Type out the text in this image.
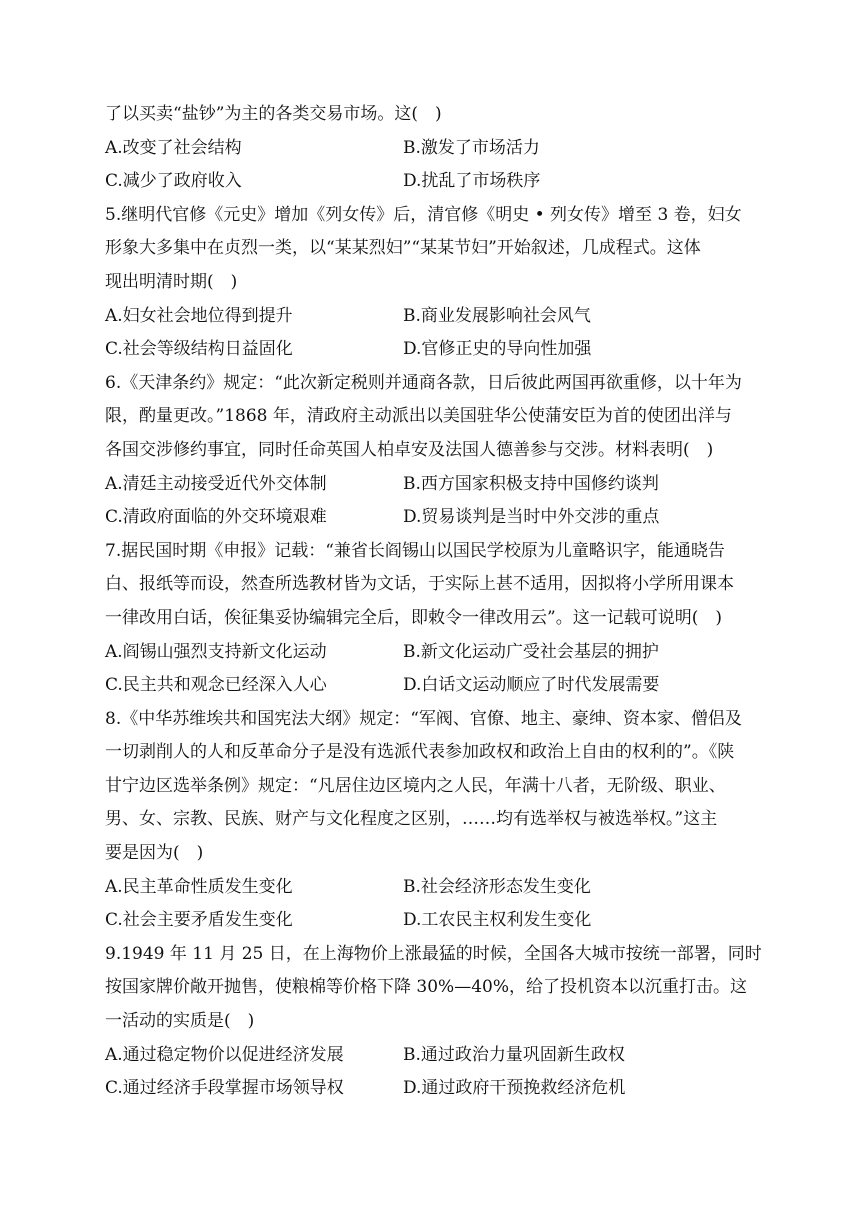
了以买卖“盐钞”为主的各类交易市场。这(　)
A.改变了社会结构	B.激发了市场活力
C.减少了政府收入	D.扰乱了市场秩序
5.继明代官修《元史》增加《列女传》后，清官修《明史 • 列女传》增至 3 卷，妇女
形象大多集中在贞烈一类，以“某某烈妇”“某某节妇”开始叙述，几成程式。这体
现出明清时期(　)
A.妇女社会地位得到提升	B.商业发展影响社会风气
C.社会等级结构日益固化	D.官修正史的导向性加强
6.《天津条约》规定：“此次新定税则并通商各款，日后彼此两国再欲重修，以十年为
限，酌量更改。”1868 年，清政府主动派出以美国驻华公使蒲安臣为首的使团出洋与
各国交涉修约事宜，同时任命英国人柏卓安及法国人德善参与交涉。材料表明(　)
A.清廷主动接受近代外交体制	B.西方国家积极支持中国修约谈判
C.清政府面临的外交环境艰难	D.贸易谈判是当时中外交涉的重点
7.据民国时期《申报》记载：“兼省长阎锡山以国民学校原为儿童略识字，能通晓告
白、报纸等而设，然查所选教材皆为文话，于实际上甚不适用，因拟将小学所用课本
一律改用白话，俟征集妥协编辑完全后，即敕令一律改用云”。这一记载可说明(　)
A.阎锡山强烈支持新文化运动	B.新文化运动广受社会基层的拥护
C.民主共和观念已经深入人心	D.白话文运动顺应了时代发展需要
8.《中华苏维埃共和国宪法大纲》规定：“军阀、官僚、地主、豪绅、资本家、僧侣及
一切剥削人的人和反革命分子是没有选派代表参加政权和政治上自由的权利的”。《陕
甘宁边区选举条例》规定：“凡居住边区境内之人民，年满十八者，无阶级、职业、
男、女、宗教、民族、财产与文化程度之区别，……均有选举权与被选举权。”这主
要是因为(　)
A.民主革命性质发生变化	B.社会经济形态发生变化
C.社会主要矛盾发生变化	D.工农民主权利发生变化
9.1949 年 11 月 25 日，在上海物价上涨最猛的时候，全国各大城市按统一部署，同时
按国家牌价敞开抛售，使粮棉等价格下降 30%—40%，给了投机资本以沉重打击。这
一活动的实质是(　)
A.通过稳定物价以促进经济发展	B.通过政治力量巩固新生政权
C.通过经济手段掌握市场领导权	D.通过政府干预挽救经济危机
